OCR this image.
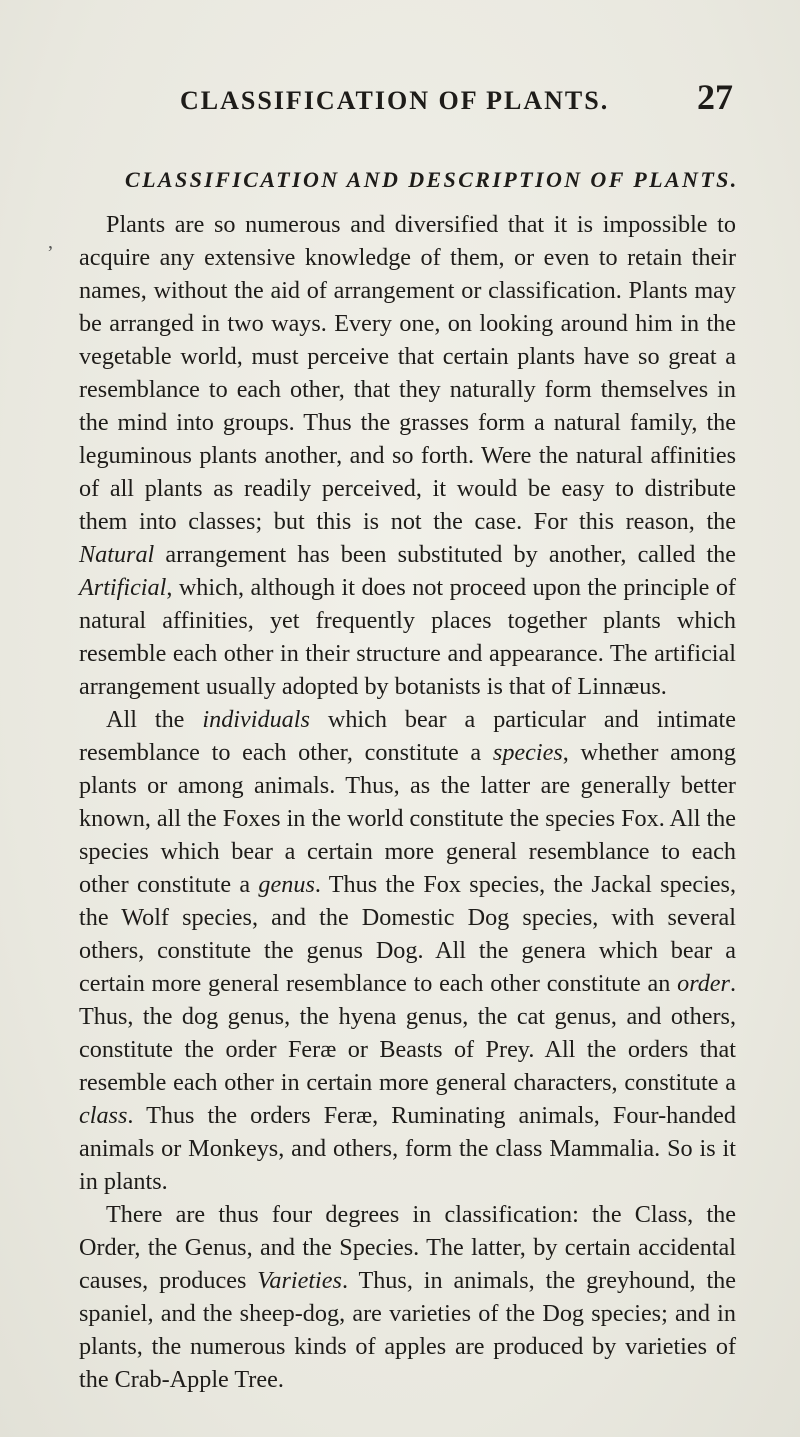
CLASSIFICATION OF PLANTS. 27
CLASSIFICATION AND DESCRIPTION OF PLANTS.

Plants are so numerous and diversified that it is impossible to acquire any extensive knowledge of them, or even to retain their names, without the aid of arrangement or classification. Plants may be arranged in two ways. Every one, on looking around him in the vegetable world, must perceive that certain plants have so great a resemblance to each other, that they naturally form themselves in the mind into groups. Thus the grasses form a natural family, the leguminous plants another, and so forth. Were the natural affinities of all plants as readily perceived, it would be easy to distribute them into classes; but this is not the case. For this reason, the Natural arrangement has been substituted by another, called the Artificial, which, although it does not proceed upon the principle of natural affinities, yet frequently places together plants which resemble each other in their structure and appearance. The artificial arrangement usually adopted by botanists is that of Linnæus.

All the individuals which bear a particular and intimate resemblance to each other, constitute a species, whether among plants or among animals. Thus, as the latter are generally better known, all the Foxes in the world constitute the species Fox. All the species which bear a certain more general resemblance to each other constitute a genus. Thus the Fox species, the Jackal species, the Wolf species, and the Domestic Dog species, with several others, constitute the genus Dog. All the genera which bear a certain more general resemblance to each other constitute an order. Thus, the dog genus, the hyena genus, the cat genus, and others, constitute the order Feræ or Beasts of Prey. All the orders that resemble each other in certain more general characters, constitute a class. Thus the orders Feræ, Ruminating animals, Four-handed animals or Monkeys, and others, form the class Mammalia. So is it in plants.

There are thus four degrees in classification: the Class, the Order, the Genus, and the Species. The latter, by certain accidental causes, produces Varieties. Thus, in animals, the greyhound, the spaniel, and the sheep-dog, are varieties of the Dog species; and in plants, the numerous kinds of apples are produced by varieties of the Crab-Apple Tree.

,
